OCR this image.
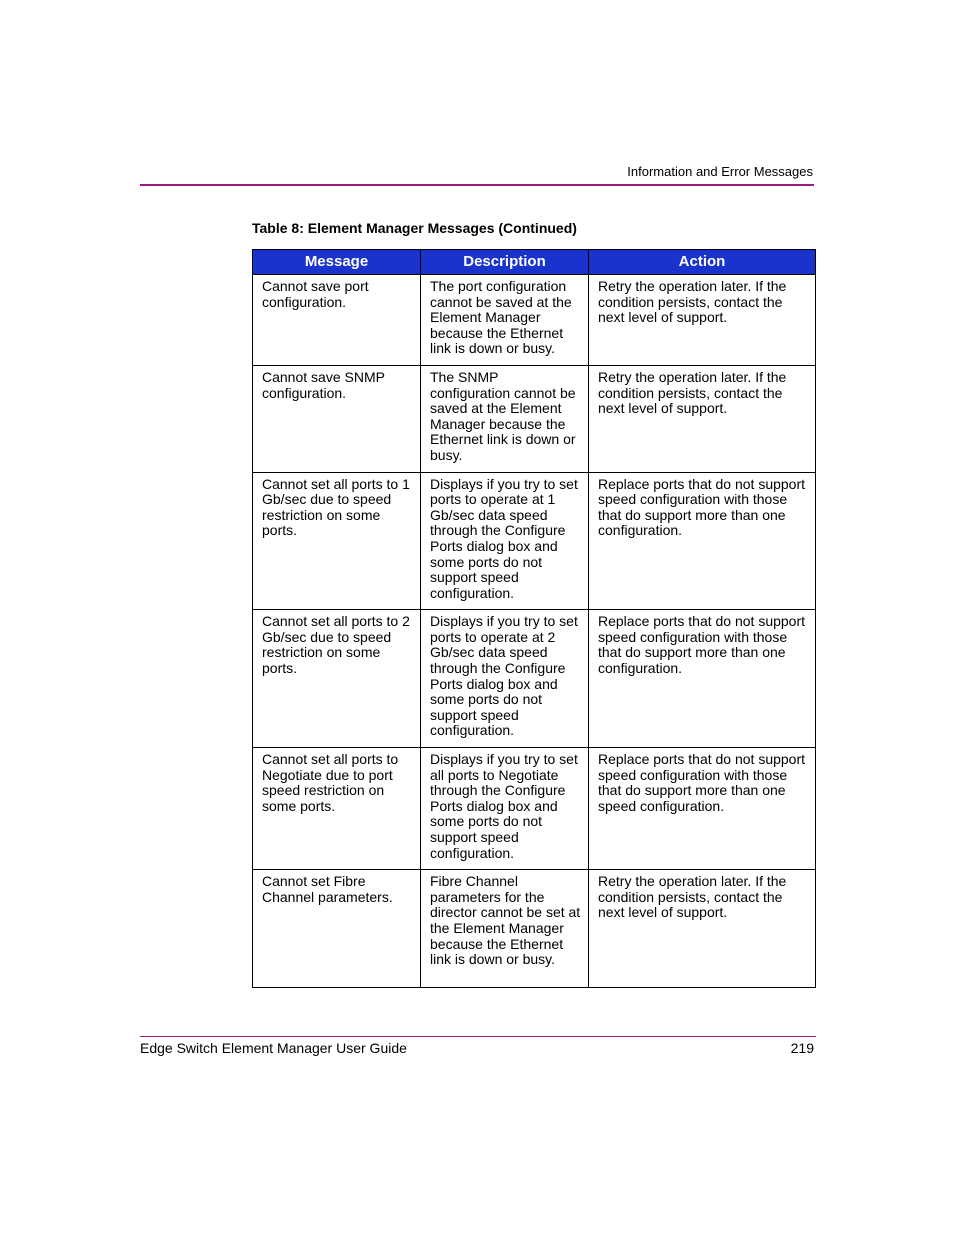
Information and Error Messages
Table 8: Element Manager Messages (Continued)
Message	Description	Action
Cannot save port configuration.	The port configuration cannot be saved at the Element Manager because the Ethernet link is down or busy.	Retry the operation later. If the condition persists, contact the next level of support.
Cannot save SNMP configuration.	The SNMP configuration cannot be saved at the Element Manager because the Ethernet link is down or busy.	Retry the operation later. If the condition persists, contact the next level of support.
Cannot set all ports to 1 Gb/sec due to speed restriction on some ports.	Displays if you try to set ports to operate at 1 Gb/sec data speed through the Configure Ports dialog box and some ports do not support speed configuration.	Replace ports that do not support speed configuration with those that do support more than one configuration.
Cannot set all ports to 2 Gb/sec due to speed restriction on some ports.	Displays if you try to set ports to operate at 2 Gb/sec data speed through the Configure Ports dialog box and some ports do not support speed configuration.	Replace ports that do not support speed configuration with those that do support more than one configuration.
Cannot set all ports to Negotiate due to port speed restriction on some ports.	Displays if you try to set all ports to Negotiate through the Configure Ports dialog box and some ports do not support speed configuration.	Replace ports that do not support speed configuration with those that do support more than one speed configuration.
Cannot set Fibre Channel parameters.	Fibre Channel parameters for the director cannot be set at the Element Manager because the Ethernet link is down or busy.	Retry the operation later. If the condition persists, contact the next level of support.
Edge Switch Element Manager User Guide	219
